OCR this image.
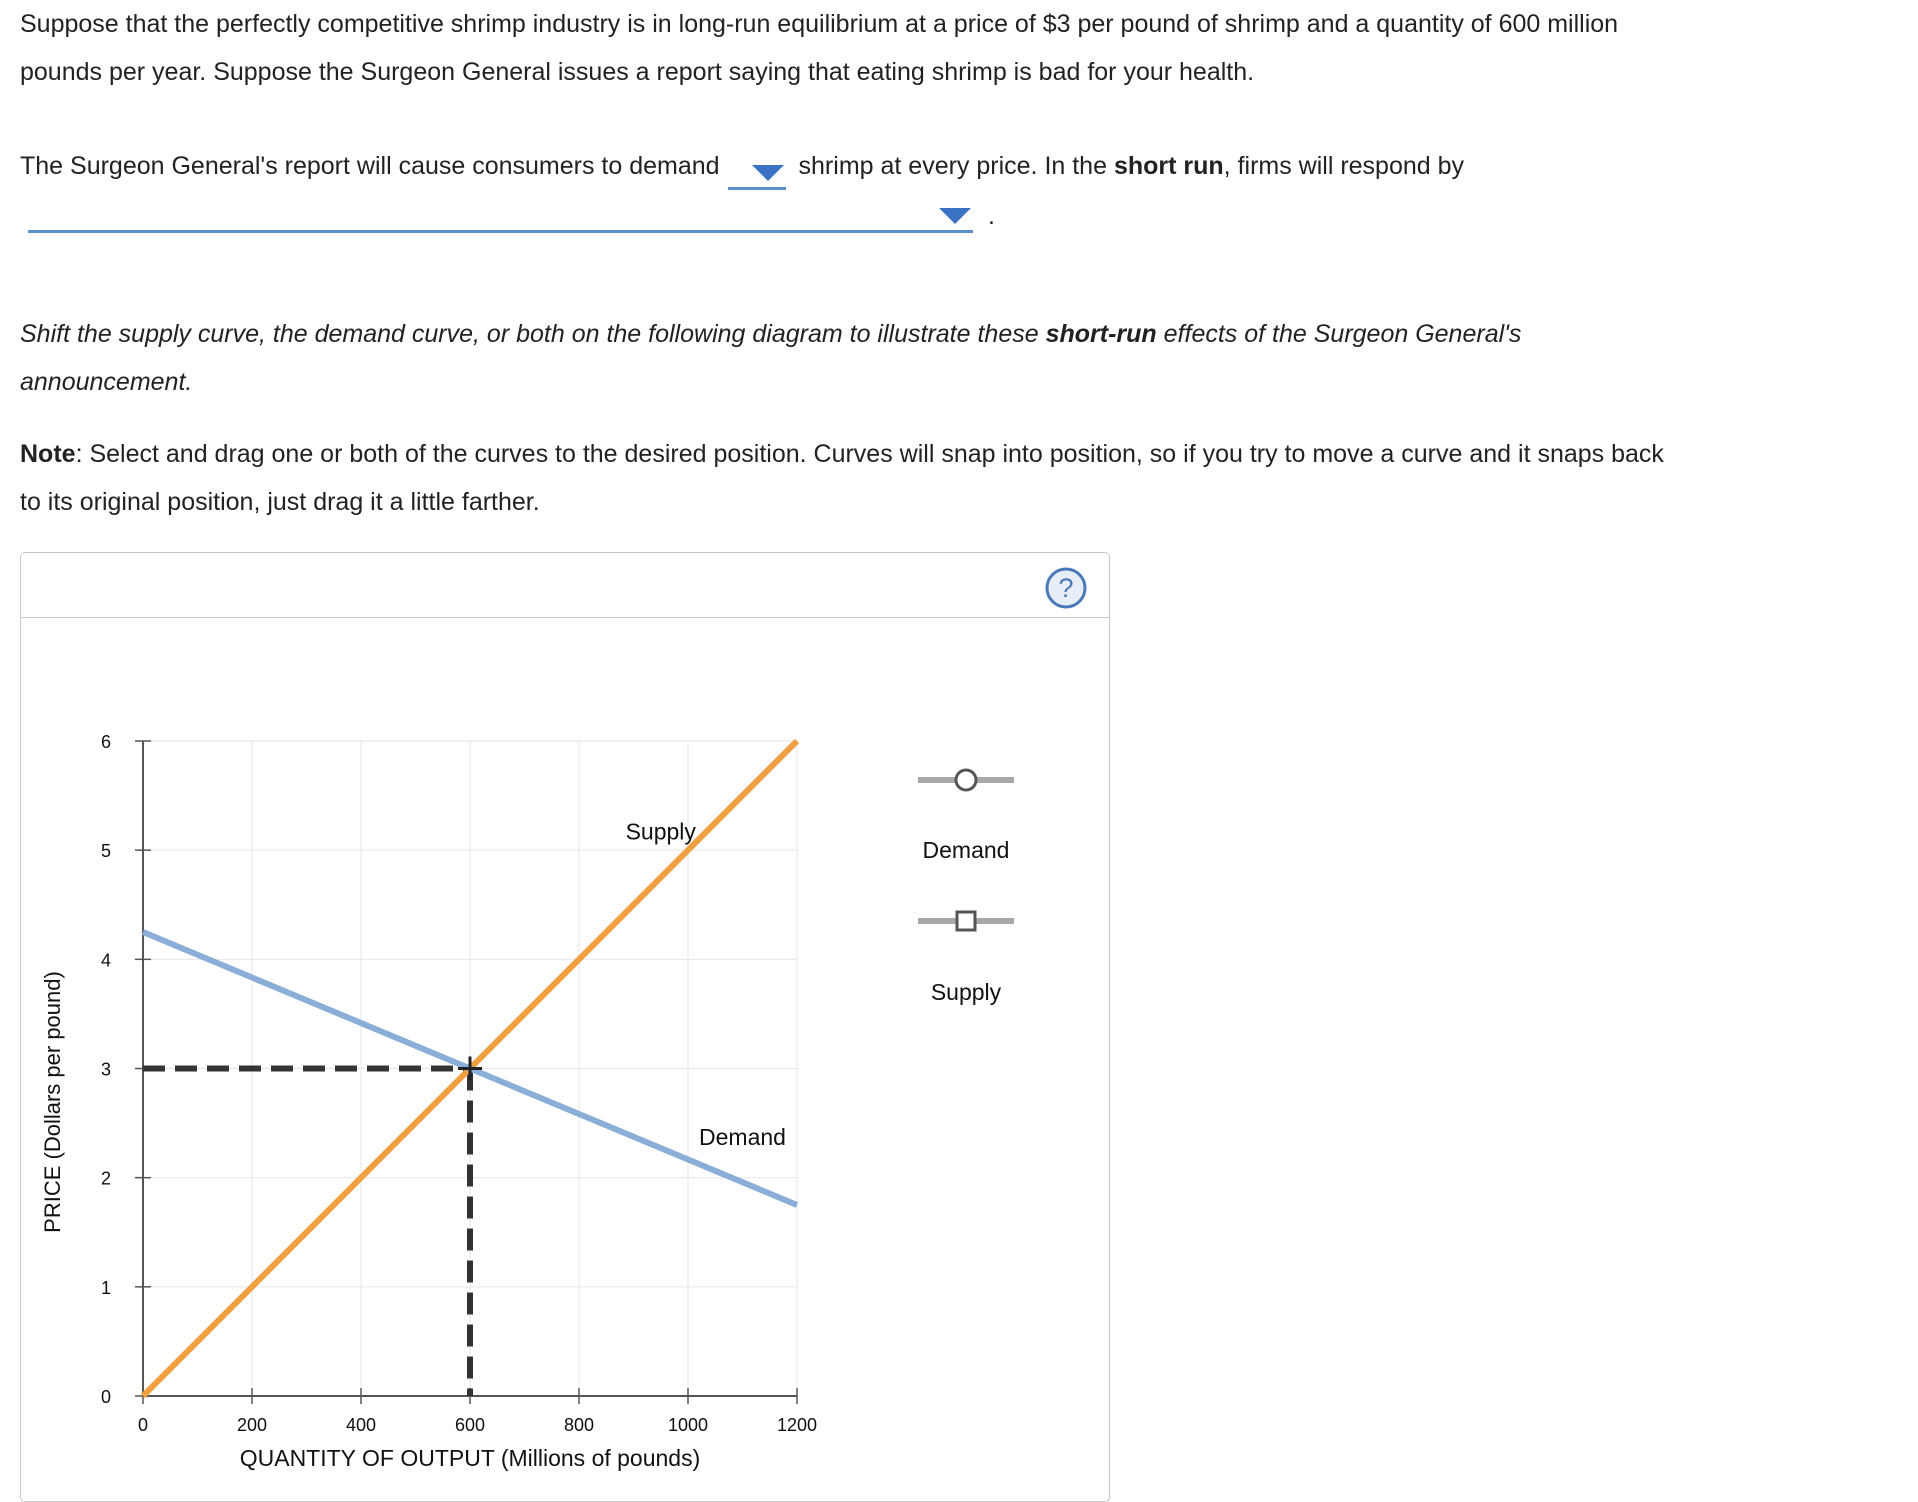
Suppose that the perfectly competitive shrimp industry is in long-run equilibrium at a price of $3 per pound of shrimp and a quantity of 600 million
pounds per year. Suppose the Surgeon General issues a report saying that eating shrimp is bad for your health.

The Surgeon General's report will cause consumers to demand	shrimp at every price. In the short run, firms will respond by

.

Shift the supply curve, the demand curve, or both on the following diagram to illustrate these short-run effects of the Surgeon General's
announcement.

Note: Select and drag one or both of the curves to the desired position. Curves will snap into position, so if you try to move a curve and it snaps back
to its original position, just drag it a little farther.

?
0
1
2
3
4
5
6
0	200	400	600	800	1000	1200
Supply
Demand
PRICE (Dollars per pound)
QUANTITY OF OUTPUT (Millions of pounds)
Demand
Supply
